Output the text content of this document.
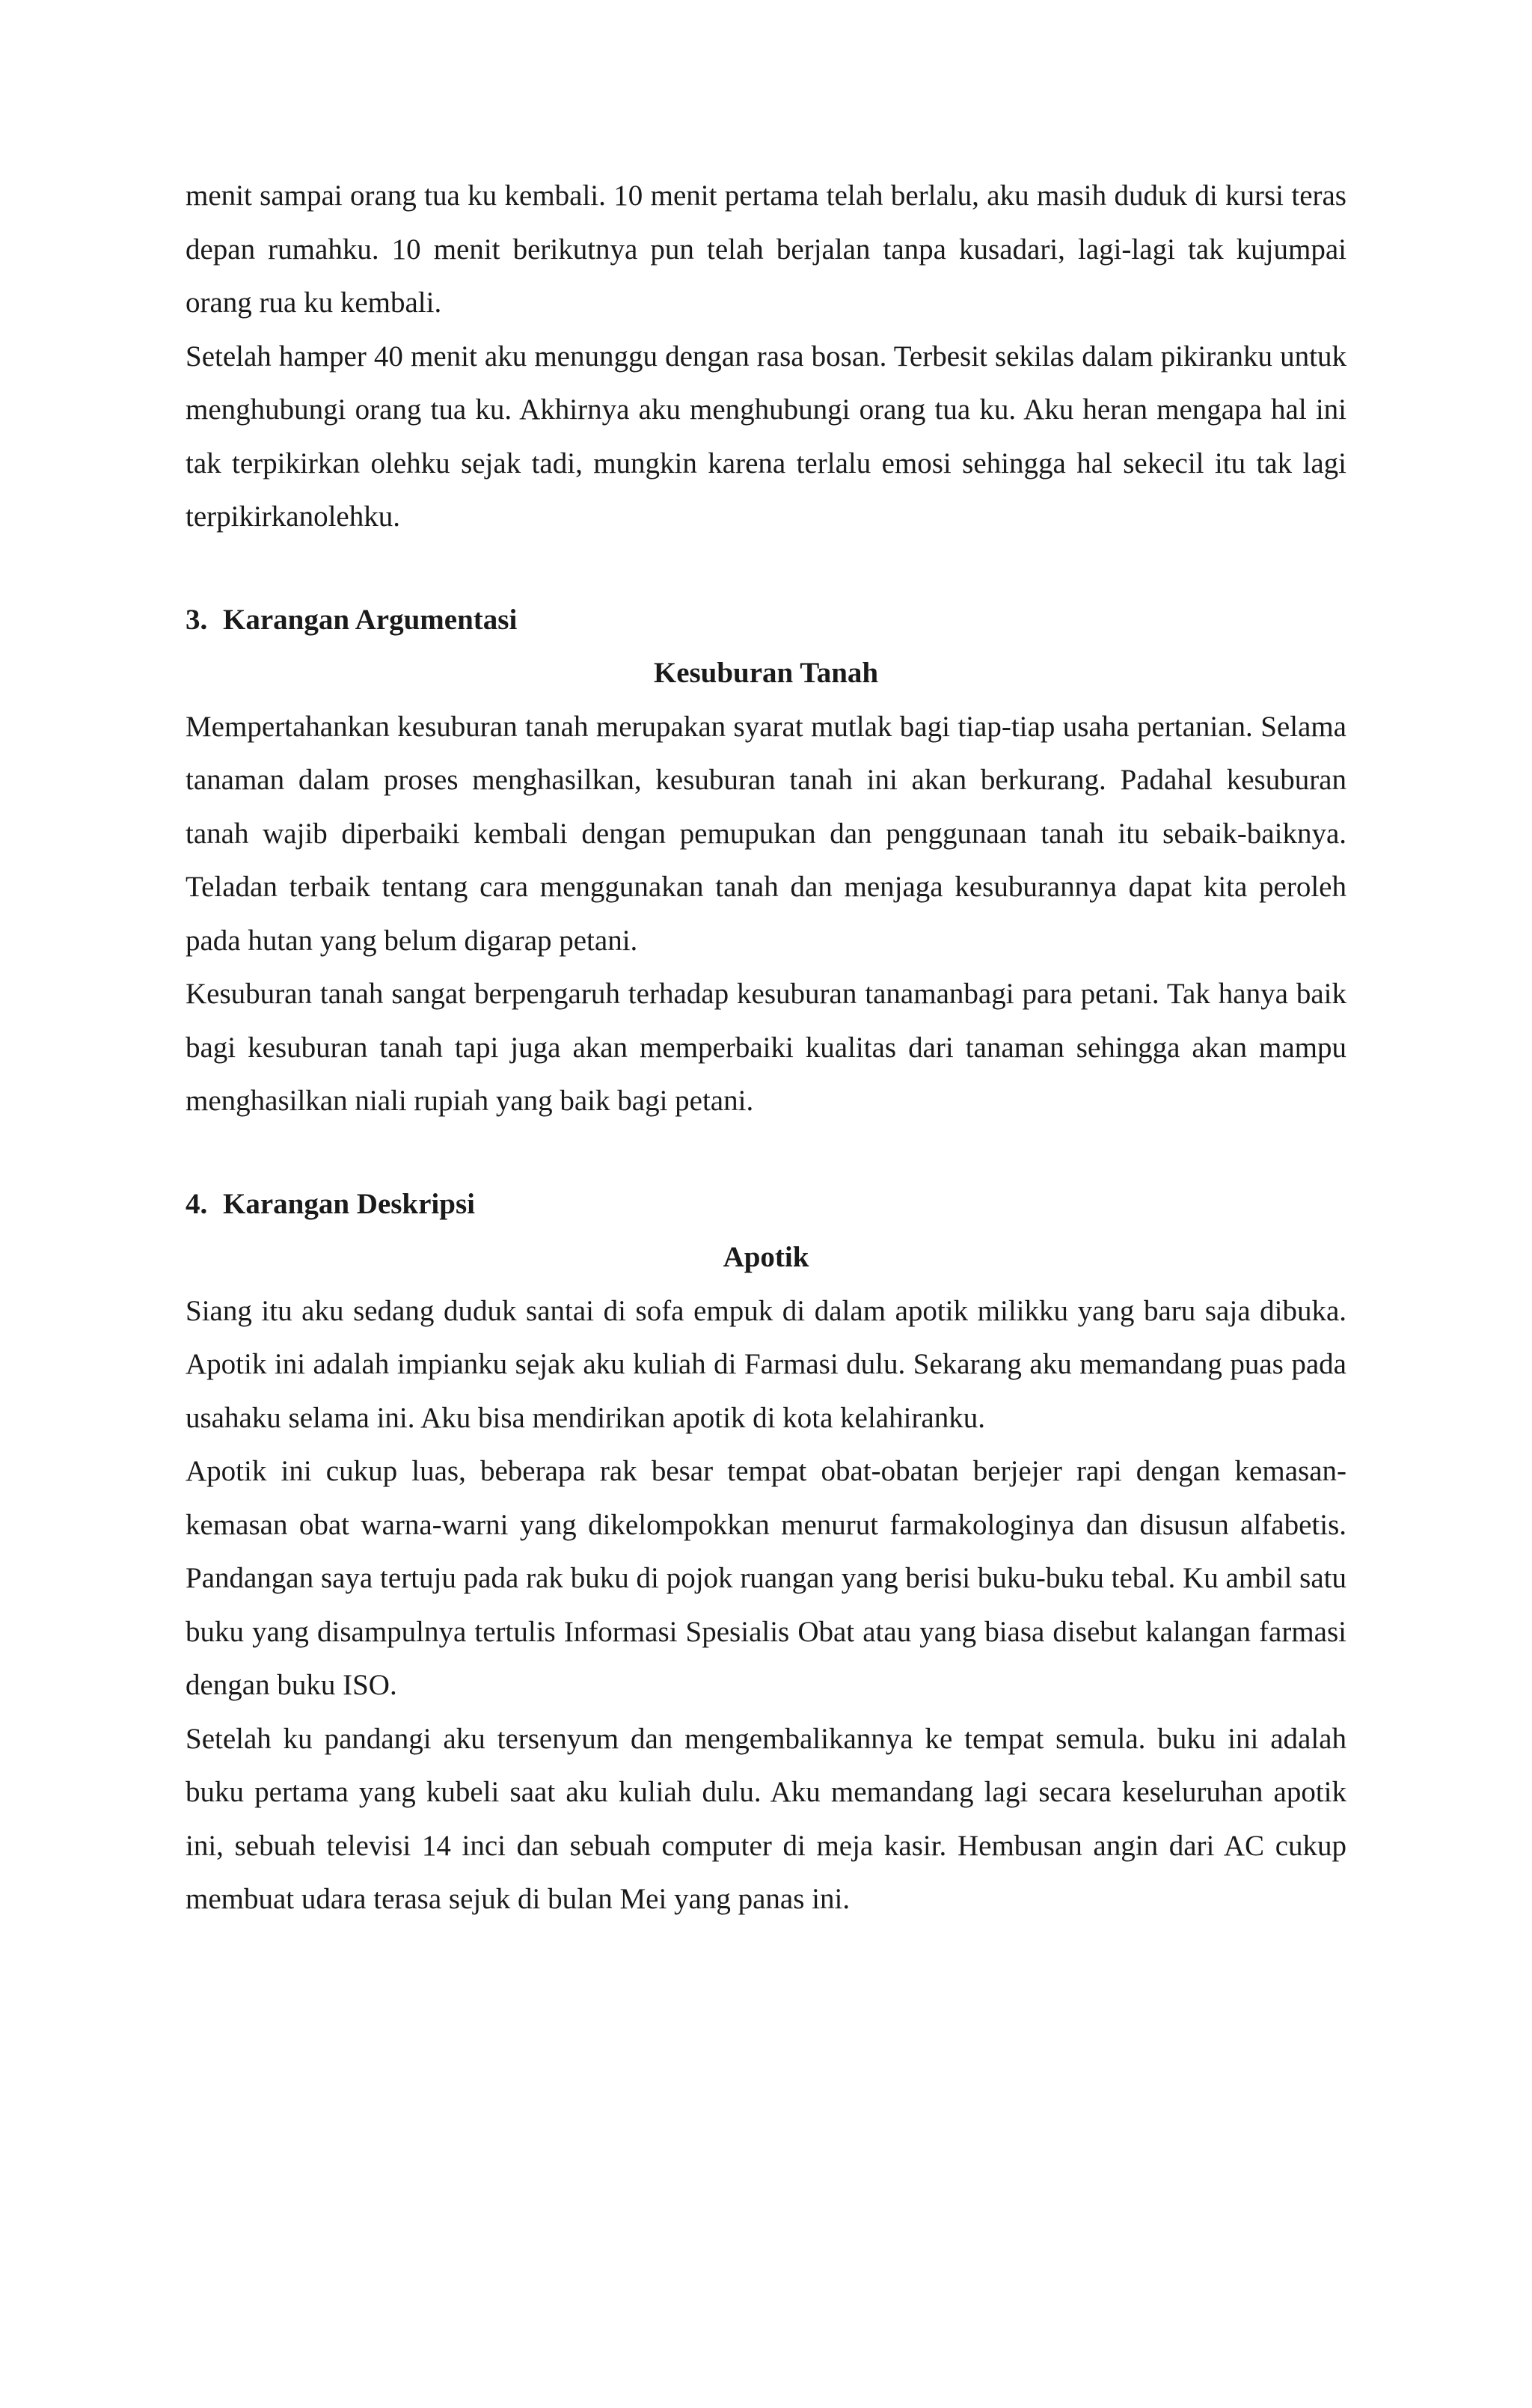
menit sampai orang tua ku kembali. 10 menit pertama telah berlalu, aku masih duduk di kursi teras depan rumahku. 10 menit berikutnya pun telah berjalan tanpa kusadari, lagi-lagi tak kujumpai orang rua ku kembali.

Setelah hamper 40 menit aku menunggu dengan rasa bosan. Terbesit sekilas dalam pikiranku untuk menghubungi orang tua ku. Akhirnya aku menghubungi orang tua ku. Aku heran mengapa hal ini tak terpikirkan olehku sejak tadi, mungkin karena terlalu emosi sehingga hal sekecil itu tak lagi terpikirkanolehku.

3. Karangan Argumentasi

Kesuburan Tanah

Mempertahankan kesuburan tanah merupakan syarat mutlak bagi tiap-tiap usaha pertanian. Selama tanaman dalam proses menghasilkan, kesuburan tanah ini akan berkurang. Padahal kesuburan tanah wajib diperbaiki kembali dengan pemupukan dan penggunaan tanah itu sebaik-baiknya. Teladan terbaik tentang cara menggunakan tanah dan menjaga kesuburannya dapat kita peroleh pada hutan yang belum digarap petani.

Kesuburan tanah sangat berpengaruh terhadap kesuburan tanamanbagi para petani. Tak hanya baik bagi kesuburan tanah tapi juga akan memperbaiki kualitas dari tanaman sehingga akan mampu menghasilkan niali rupiah yang baik bagi petani.

4. Karangan Deskripsi

Apotik

Siang itu aku sedang duduk santai di sofa empuk di dalam apotik milikku yang baru saja dibuka. Apotik ini adalah impianku sejak aku kuliah di Farmasi dulu. Sekarang aku memandang puas pada usahaku selama ini. Aku bisa mendirikan apotik di kota kelahiranku.

Apotik ini cukup luas, beberapa rak besar tempat obat-obatan berjejer rapi dengan kemasan-kemasan obat warna-warni yang dikelompokkan menurut farmakologinya dan disusun alfabetis. Pandangan saya tertuju pada rak buku di pojok ruangan yang berisi buku-buku tebal. Ku ambil satu buku yang disampulnya tertulis Informasi Spesialis Obat atau yang biasa disebut kalangan farmasi dengan buku ISO.

Setelah ku pandangi aku tersenyum dan mengembalikannya ke tempat semula. buku ini adalah buku pertama yang kubeli saat aku kuliah dulu. Aku memandang lagi secara keseluruhan apotik ini, sebuah televisi 14 inci dan sebuah computer di meja kasir. Hembusan angin dari AC cukup membuat udara terasa sejuk di bulan Mei yang panas ini.
